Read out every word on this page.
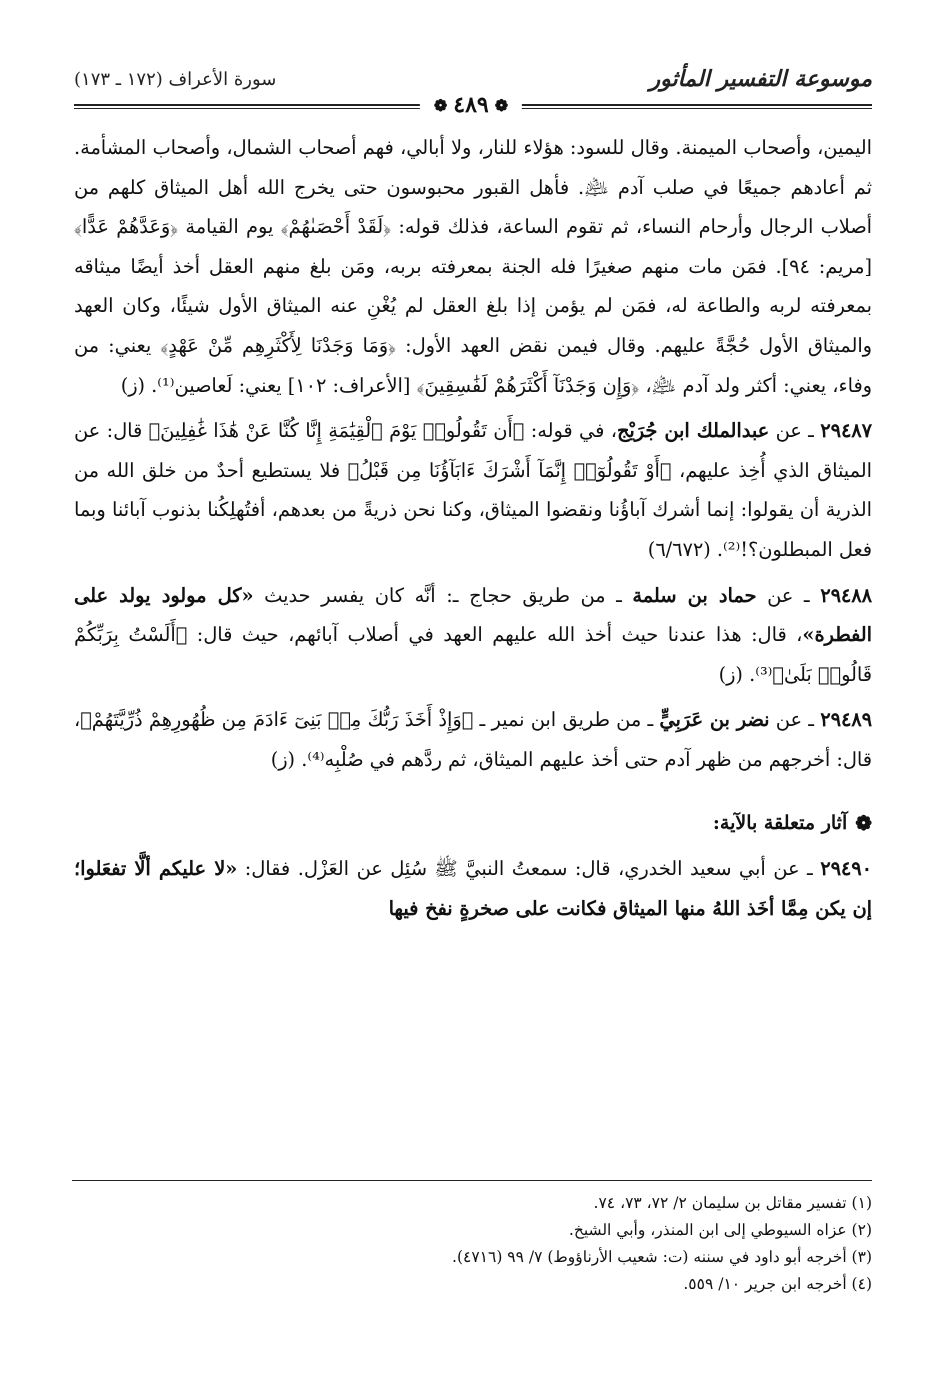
موسوعة التفسير المأثور
سورة الأعراف (١٧٢ ـ ١٧٣)
❁
٤٨٩
❁

اليمين، وأصحاب الميمنة. وقال للسود: هؤلاء للنار، ولا أبالي، فهم أصحاب الشمال، وأصحاب المشأمة. ثم أعادهم جميعًا في صلب آدم ﵇. فأهل القبور محبوسون حتى يخرج الله أهل الميثاق كلهم من أصلاب الرجال وأرحام النساء، ثم تقوم الساعة، فذلك قوله: ﴿لَقَدْ أَحْصَىٰهُمْ﴾ يوم القيامة ﴿وَعَدَّهُمْ عَدًّا﴾ [مريم: ٩٤]. فمَن مات منهم صغيرًا فله الجنة بمعرفته بربه، ومَن بلغ منهم العقل أخذ أيضًا ميثاقه بمعرفته لربه والطاعة له، فمَن لم يؤمن إذا بلغ العقل لم يُغْنِ عنه الميثاق الأول شيئًا، وكان العهد والميثاق الأول حُجَّةً عليهم. وقال فيمن نقض العهد الأول: ﴿وَمَا وَجَدْنَا لِأَكْثَرِهِم مِّنْ عَهْدٍ﴾ يعني: من وفاء، يعني: أكثر ولد آدم ﵇، ﴿وَإِن وَجَدْنَآ أَكْثَرَهُمْ لَفَٰسِقِينَ﴾ [الأعراف: ١٠٢] يعني: لَعاصين⁽¹⁾. (ز)

٢٩٤٨٧ ـ عن عبدالملك ابن جُرَيْج، في قوله: ﴿أَن تَقُولُوا۟ يَوْمَ ٱلْقِيَٰمَةِ إِنَّا كُنَّا عَنْ هَٰذَا غَٰفِلِينَ﴾ قال: عن الميثاق الذي أُخِذ عليهم، ﴿أَوْ تَقُولُوٓا۟ إِنَّمَآ أَشْرَكَ ءَابَآؤُنَا مِن قَبْلُ﴾ فلا يستطيع أحدٌ من خلق الله من الذرية أن يقولوا: إنما أشرك آباؤُنا ونقضوا الميثاق، وكنا نحن ذريةً من بعدهم، أفتُهلِكُنا بذنوب آبائنا وبما فعل المبطلون؟!⁽²⁾. (٦/٦٧٢)

٢٩٤٨٨ ـ عن حماد بن سلمة ـ من طريق حجاج ـ: أنَّه كان يفسر حديث «كل مولود يولد على الفطرة»، قال: هذا عندنا حيث أخذ الله عليهم العهد في أصلاب آبائهم، حيث قال: ﴿أَلَسْتُ بِرَبِّكُمْ قَالُوا۟ بَلَىٰ﴾⁽³⁾. (ز)

٢٩٤٨٩ ـ عن نضر بن عَرَبِيٍّ ـ من طريق ابن نمير ـ ﴿وَإِذْ أَخَذَ رَبُّكَ مِنۢ بَنِىٓ ءَادَمَ مِن ظُهُورِهِمْ ذُرِّيَّتَهُمْ﴾، قال: أخرجهم من ظهر آدم حتى أخذ عليهم الميثاق، ثم ردَّهم في صُلْبِه⁽⁴⁾. (ز)

❁
آثار متعلقة بالآية:

٢٩٤٩٠ ـ عن أبي سعيد الخدري، قال: سمعتُ النبيَّ ﷺ سُئِل عن العَزْل. فقال: «لا عليكم ألَّا تفعَلوا؛ إن يكن مِمَّا أخَذ اللهُ منها الميثاق فكانت على صخرةٍ نفخ فيها

(١) تفسير مقاتل بن سليمان ٢/ ٧٢، ٧٣، ٧٤.
(٢) عزاه السيوطي إلى ابن المنذر، وأبي الشيخ.
(٣) أخرجه أبو داود في سننه (ت: شعيب الأرناؤوط) ٧/ ٩٩ (٤٧١٦).
(٤) أخرجه ابن جرير ١٠/ ٥٥٩.
